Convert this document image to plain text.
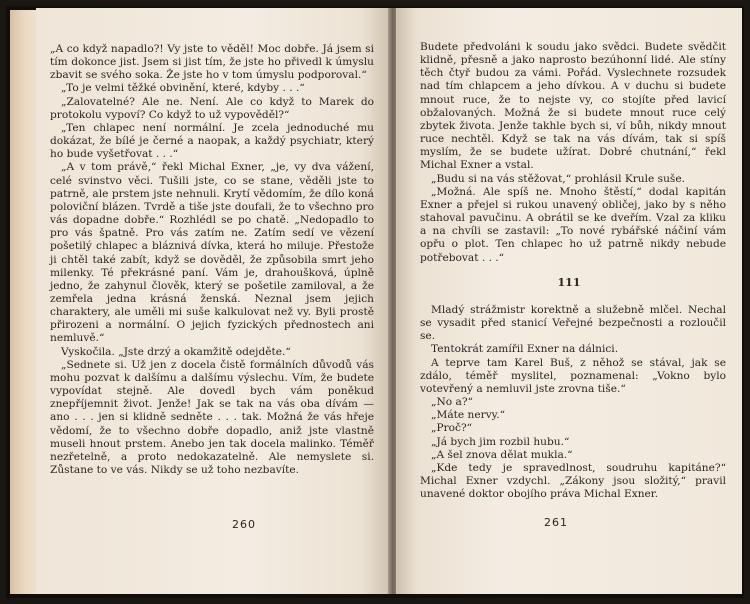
„A co když napadlo?! Vy jste to věděl! Moc dobře. Já jsem si tím dokonce jist. Jsem si jist tím, že jste ho přivedl k úmyslu zbavit se svého soka. Že jste ho v tom úmyslu podporoval.“

„To je velmi těžké obvinění, které, kdyby . . .“

„Zalovatelné? Ale ne. Není. Ale co když to Marek do protokolu vypoví? Co když to už vypověděl?“

„Ten chlapec není normální. Je zcela jednoduché mu dokázat, že bílé je černé a naopak, a každý psychiatr, který ho bude vyšetřovat . . .“

„A v tom právě,“ řekl Michal Exner, „je, vy dva vážení, celé svinstvo věci. Tušili jste, co se stane, věděli jste to patrně, ale prstem jste nehnuli. Krytí vědomím, že dílo koná poloviční blázen. Tvrdě a tiše jste doufali, že to všechno pro vás dopadne dobře.“ Rozhlédl se po chatě. „Nedopadlo to pro vás špatně. Pro vás zatím ne. Zatím sedí ve vězení pošetilý chlapec a bláznivá dívka, která ho miluje. Přestože ji chtěl také zabít, když se dověděl, že způsobila smrt jeho milenky. Té překrásné paní. Vám je, drahoušková, úplně jedno, že zahynul člověk, který se pošetile zamiloval, a že zemřela jedna krásná ženská. Neznal jsem jejich charaktery, ale uměli mi suše kalkulovat než vy. Byli prostě přirozeni a normální. O jejich fyzických přednostech ani nemluvě.“

Vyskočila. „Jste drzý a okamžitě odejděte.“

„Sednete si. Už jen z docela čistě formálních důvodů vás mohu pozvat k dalšímu a dalšímu výslechu. Vím, že budete vypovídat stejně. Ale dovedl bych vám poněkud znepříjemnit život. Jenže! Jak se tak na vás oba dívám — ano . . . jen si klidně sedněte . . . tak. Možná že vás hřeje vědomí, že to všechno dobře dopadlo, aniž jste vlastně museli hnout prstem. Anebo jen tak docela malinko. Téměř nezřetelně, a proto nedokazatelně. Ale nemyslete si. Zůstane to ve vás. Nikdy se už toho nezbavíte.

260

Budete předvoláni k soudu jako svědci. Budete svědčit klidně, přesně a jako naprosto bezúhonní lidé. Ale stíny těch čtyř budou za vámi. Pořád. Vyslechnete rozsudek nad tím chlapcem a jeho dívkou. A v duchu si budete mnout ruce, že to nejste vy, co stojíte před lavicí obžalovaných. Možná že si budete mnout ruce celý zbytek života. Jenže takhle bych si, ví bůh, nikdy mnout ruce nechtěl. Když se tak na vás dívám, tak si spíš myslím, že se budete užírat. Dobré chutnání,“ řekl Michal Exner a vstal.

„Budu si na vás stěžovat,“ prohlásil Krule suše.

„Možná. Ale spíš ne. Mnoho štěstí,“ dodal kapitán Exner a přejel si rukou unavený obličej, jako by s něho stahoval pavučinu. A obrátil se ke dveřím. Vzal za kliku a na chvíli se zastavil: „To nové rybářské náčiní vám opřu o plot. Ten chlapec ho už patrně nikdy nebude potřebovat . . .“

111

Mladý strážmistr korektně a služebně mlčel. Nechal se vysadit před stanicí Veřejné bezpečnosti a rozloučil se.

Tentokrát zamířil Exner na dálnici.

A teprve tam Karel Buš, z něhož se stával, jak se zdálo, téměř myslitel, poznamenal: „Vokno bylo votevřený a nemluvil jste zrovna tiše.“

„No a?“

„Máte nervy.“

„Proč?“

„Já bych jim rozbil hubu.“

„A šel znova dělat mukla.“

„Kde tedy je spravedlnost, soudruhu kapitáne?“ Michal Exner vzdychl. „Zákony jsou složitý,“ pravil unavené doktor obojího práva Michal Exner.

261
